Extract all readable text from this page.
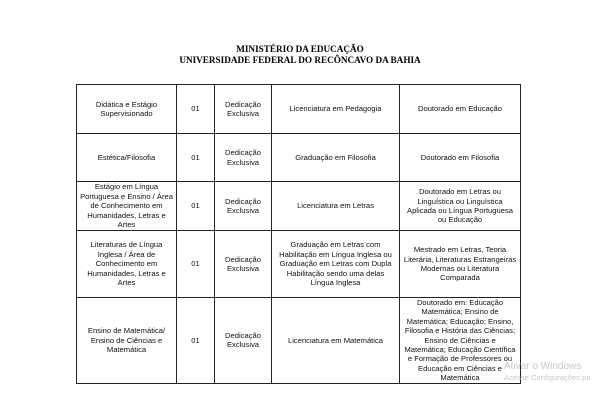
MINISTÉRIO DA EDUCAÇÃO
UNIVERSIDADE FEDERAL DO RECÔNCAVO DA BAHIA
Didática e Estágio Supervisionado	01	Dedicação Exclusiva	Licenciatura em Pedagogia	Doutorado em Educação
Estética/Filosofia	01	Dedicação Exclusiva	Graduação em Filosofia	Doutorado em Filosofia
Estágio em Língua Portuguesa e Ensino / Área de Conhecimento em Humanidades, Letras e Artes	01	Dedicação Exclusiva	Licenciatura em Letras	Doutorado em Letras ou Linguística ou Linguística Aplicada ou Língua Portuguesa ou Educação
Literaturas de Língua Inglesa / Área de Conhecimento em Humanidades, Letras e Artes	01	Dedicação Exclusiva	Graduação em Letras com Habilitação em Língua Inglesa ou Graduação em Letras com Dupla Habilitação sendo uma delas Língua Inglesa	Mestrado em Letras, Teoria Literária, Literaturas Estrangeiras Modernas ou Literatura Comparada
Ensino de Matemática/ Ensino de Ciências e Matemática	01	Dedicação Exclusiva	Licenciatura em Matemática	Doutorado em: Educação Matemática; Ensino de Matemática; Educação; Ensino, Filosofia e História das Ciências; Ensino de Ciências e Matemática; Educação Científica e Formação de Professores ou Educação em Ciências e Matemática
Ativar o Windows
Acesse Configurações pa
